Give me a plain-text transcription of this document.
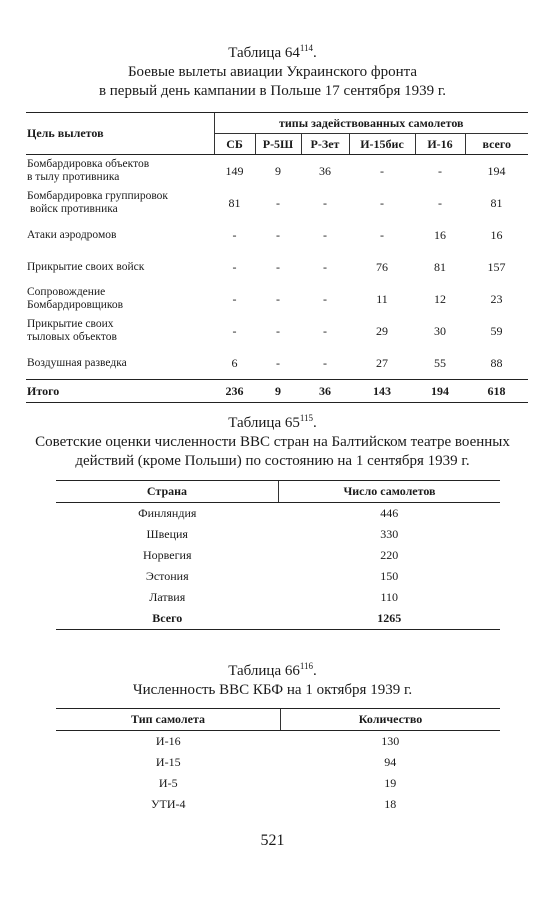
Таблица $64^{114}$.
Боевые вылеты авиации Украинского фронта
в первый день кампании в Польше 17 сентября 1939 г.
Цель вылетов	типы задействованных самолетов					
	СБ	Р-5Ш	Р-Зет	И-15бис	И-16	всего

Бомбардировка объектов
в тылу противника	149	9	36	-	-	194

Бомбардировка группировок
войск противника	81	-	-	-	-	81

Атаки аэродромов	-	-	-	-	16	16

Прикрытие своих войск	-	-	-	76	81	157

Сопровождение
Бомбардировщиков	-	-	-	11	12	23

Прикрытие своих
тыловых объектов	-	-	-	29	30	59

Воздушная разведка	6	-	-	27	55	88
Итого	236	9	36	143	194	618
Таблица $65^{115}$.
Советские оценки численности ВВС стран на Балтийском театре военных
действий (кроме Польши) по состоянию на 1 сентября 1939 г.
Страна	Число самолетов
Финляндия	446
Швеция	330
Норвегия	220
Эстония	150
Латвия	110
Всего	1265
Таблица $66^{116}$.
Численность ВВС КБФ на 1 октября 1939 г.
Тип самолета	Количество
И-16	130
И-15	94
И-5	19
УТИ-4	18
521
